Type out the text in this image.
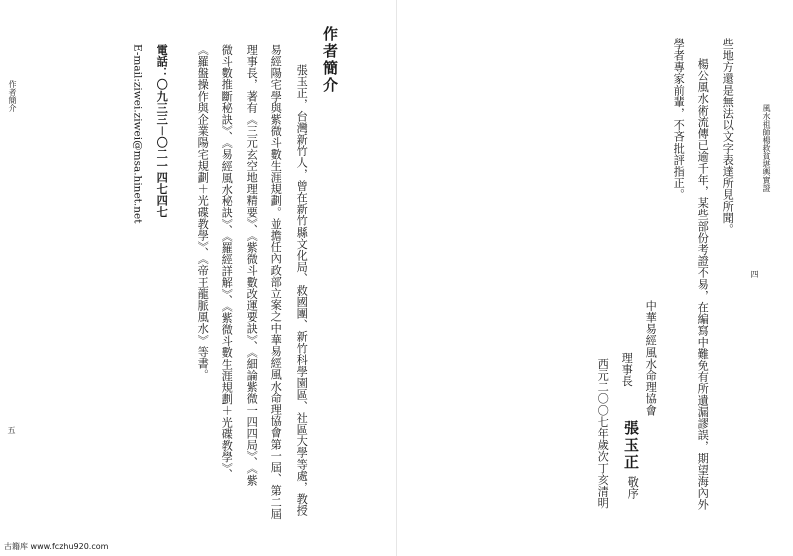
作者簡介
五
作者簡介
張玉正，台灣新竹人，曾在新竹縣文化局、救國團、新竹科學園區、社區大學等處，教授
易經陽宅學與紫微斗數生涯規劃。並擔任內政部立案之中華易經風水命理協會第一屆、第二屆
理事長，著有《三元玄空地理精要》、《紫微斗數改運要訣》、《細論紫微一四四局》、《紫
微斗數推斷秘訣》、《易經風水秘訣》、《羅經詳解》、《紫微斗數生涯規劃＋光碟教學》、
《羅盤操作與企業陽宅規劃＋光碟教學》、《帝王龍脈風水》等書。
電話：〇九三三－〇二一四七四七
E-mail:ziwei.ziwei@msa.hinet.net
古籍库 www.fczhu920.com
風水祖師楊救貧堪輿實證
四
些地方還是無法以文字表達所見所聞。
楊公風水術流傳已逾千年，某些部份考證不易，在編寫中難免有所遺漏謬誤，期望海內外
學者專家前輩，不吝批評指正。
中華易經風水命理協會
理事長
張玉正
敬序
西元二〇〇七年歲次丁亥清明
